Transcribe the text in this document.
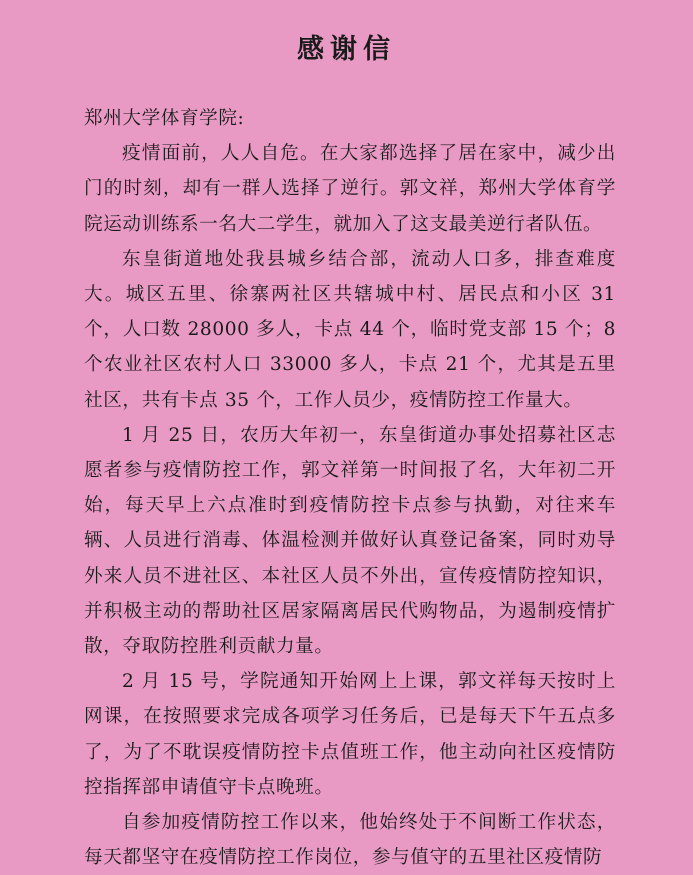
感谢信

郑州大学体育学院:

疫情面前，人人自危。在大家都选择了居在家中，减少出门的时刻，却有一群人选择了逆行。郭文祥，郑州大学体育学院运动训练系一名大二学生，就加入了这支最美逆行者队伍。

东皇街道地处我县城乡结合部，流动人口多，排查难度大。城区五里、徐寨两社区共辖城中村、居民点和小区 31 个，人口数 28000 多人，卡点 44 个，临时党支部 15 个；8 个农业社区农村人口 33000 多人，卡点 21 个，尤其是五里社区，共有卡点 35 个，工作人员少，疫情防控工作量大。

1 月 25 日，农历大年初一，东皇街道办事处招募社区志愿者参与疫情防控工作，郭文祥第一时间报了名，大年初二开始，每天早上六点准时到疫情防控卡点参与执勤，对往来车辆、人员进行消毒、体温检测并做好认真登记备案，同时劝导外来人员不进社区、本社区人员不外出，宣传疫情防控知识，并积极主动的帮助社区居家隔离居民代购物品，为遏制疫情扩散，夺取防控胜利贡献力量。

2 月 15 号，学院通知开始网上上课，郭文祥每天按时上网课，在按照要求完成各项学习任务后，已是每天下午五点多了，为了不耽误疫情防控卡点值班工作，他主动向社区疫情防控指挥部申请值守卡点晚班。

自参加疫情防控工作以来，他始终处于不间断工作状态，每天都坚守在疫情防控工作岗位，参与值守的五里社区疫情防
